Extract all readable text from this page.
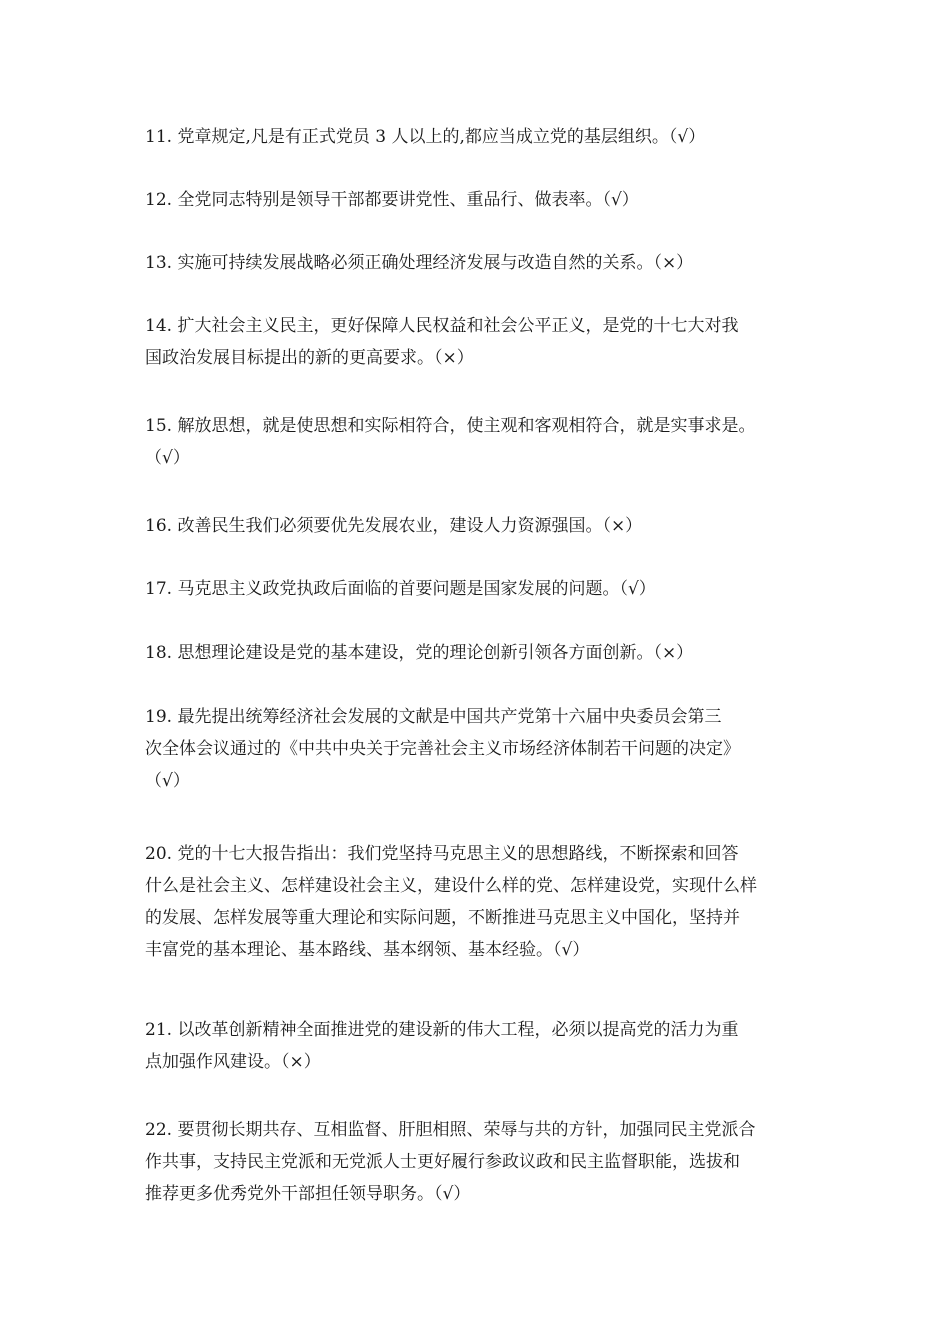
11. 党章规定,凡是有正式党员 3 人以上的,都应当成立党的基层组织。（√）

12. 全党同志特别是领导干部都要讲党性、重品行、做表率。（√）

13. 实施可持续发展战略必须正确处理经济发展与改造自然的关系。（×）

14. 扩大社会主义民主，更好保障人民权益和社会公平正义，是党的十七大对我
国政治发展目标提出的新的更高要求。（×）

15. 解放思想，就是使思想和实际相符合，使主观和客观相符合，就是实事求是。
（√）

16. 改善民生我们必须要优先发展农业，建设人力资源强国。（×）

17. 马克思主义政党执政后面临的首要问题是国家发展的问题。（√）

18. 思想理论建设是党的基本建设，党的理论创新引领各方面创新。（×）

19. 最先提出统筹经济社会发展的文献是中国共产党第十六届中央委员会第三
次全体会议通过的《中共中央关于完善社会主义市场经济体制若干问题的决定》
（√）

20. 党的十七大报告指出：我们党坚持马克思主义的思想路线，不断探索和回答
什么是社会主义、怎样建设社会主义，建设什么样的党、怎样建设党，实现什么样
的发展、怎样发展等重大理论和实际问题，不断推进马克思主义中国化，坚持并
丰富党的基本理论、基本路线、基本纲领、基本经验。（√）

21. 以改革创新精神全面推进党的建设新的伟大工程，必须以提高党的活力为重
点加强作风建设。（×）

22. 要贯彻长期共存、互相监督、肝胆相照、荣辱与共的方针，加强同民主党派合
作共事，支持民主党派和无党派人士更好履行参政议政和民主监督职能，选拔和
推荐更多优秀党外干部担任领导职务。（√）
